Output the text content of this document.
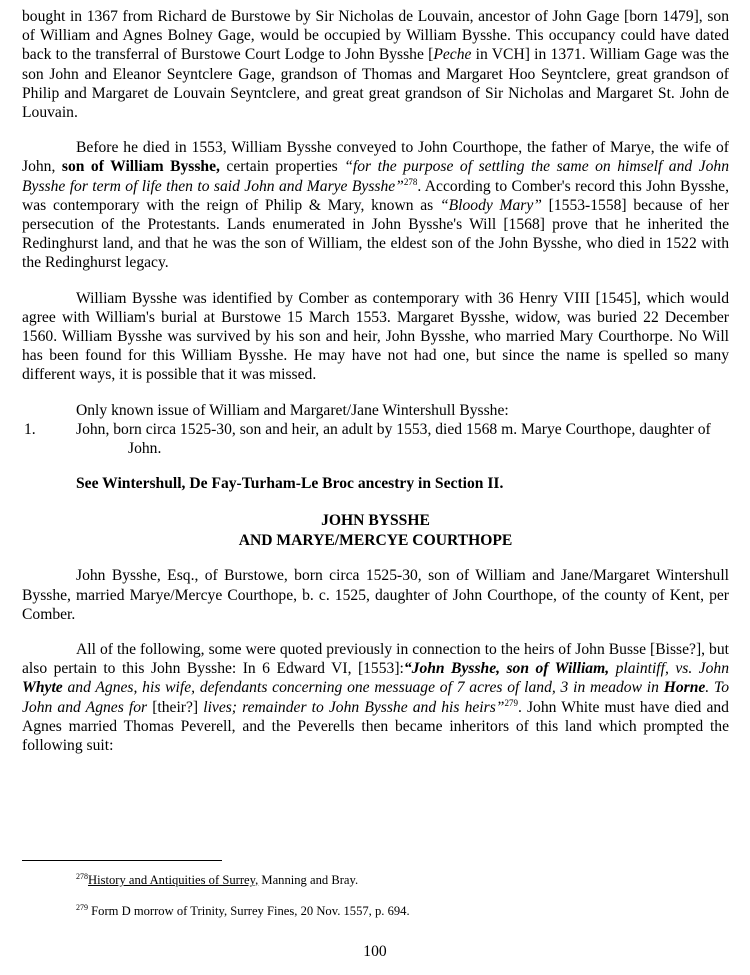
bought in 1367 from Richard de Burstowe by Sir Nicholas de Louvain, ancestor of John Gage [born 1479], son of William and Agnes Bolney Gage, would be occupied by William Bysshe. This occupancy could have dated back to the transferral of Burstowe Court Lodge to John Bysshe [Peche in VCH] in 1371. William Gage was the son John and Eleanor Seyntclere Gage, grandson of Thomas and Margaret Hoo Seyntclere, great grandson of Philip and Margaret de Louvain Seyntclere, and great great grandson of Sir Nicholas and Margaret St. John de Louvain.

Before he died in 1553, William Bysshe conveyed to John Courthope, the father of Marye, the wife of John, son of William Bysshe, certain properties “for the purpose of settling the same on himself and John Bysshe for term of life then to said John and Marye Bysshe”$^{278}$. According to Comber's record this John Bysshe, was contemporary with the reign of Philip & Mary, known as “Bloody Mary” [1553-1558] because of her persecution of the Protestants. Lands enumerated in John Bysshe's Will [1568] prove that he inherited the Redinghurst land, and that he was the son of William, the eldest son of the John Bysshe, who died in 1522 with the Redinghurst legacy.

William Bysshe was identified by Comber as contemporary with 36 Henry VIII [1545], which would agree with William's burial at Burstowe 15 March 1553. Margaret Bysshe, widow, was buried 22 December 1560. William Bysshe was survived by his son and heir, John Bysshe, who married Mary Courthorpe. No Will has been found for this William Bysshe. He may have not had one, but since the name is spelled so many different ways, it is possible that it was missed.

Only known issue of William and Margaret/Jane Wintershull Bysshe:

1.	John, born circa 1525-30, son and heir, an adult by 1553, died 1568 m. Marye Courthope, daughter of John.

See Wintershull, De Fay-Turham-Le Broc ancestry in Section II.

JOHN BYSSHE
AND MARYE/MERCYE COURTHOPE

John Bysshe, Esq., of Burstowe, born circa 1525-30, son of William and Jane/Margaret Wintershull Bysshe, married Marye/Mercye Courthope, b. c. 1525, daughter of John Courthope, of the county of Kent, per Comber.

All of the following, some were quoted previously in connection to the heirs of John Busse [Bisse?], but also pertain to this John Bysshe: In 6 Edward VI, [1553]:“John Bysshe, son of William, plaintiff, vs. John Whyte and Agnes, his wife, defendants concerning one messuage of 7 acres of land, 3 in meadow in Horne. To John and Agnes for [their?] lives; remainder to John Bysshe and his heirs”$^{279}$. John White must have died and Agnes married Thomas Peverell, and the Peverells then became inheritors of this land which prompted the following suit:

$^{278}$History and Antiquities of Surrey, Manning and Bray.
$^{279}$ Form D morrow of Trinity, Surrey Fines, 20 Nov. 1557, p. 694.
100
